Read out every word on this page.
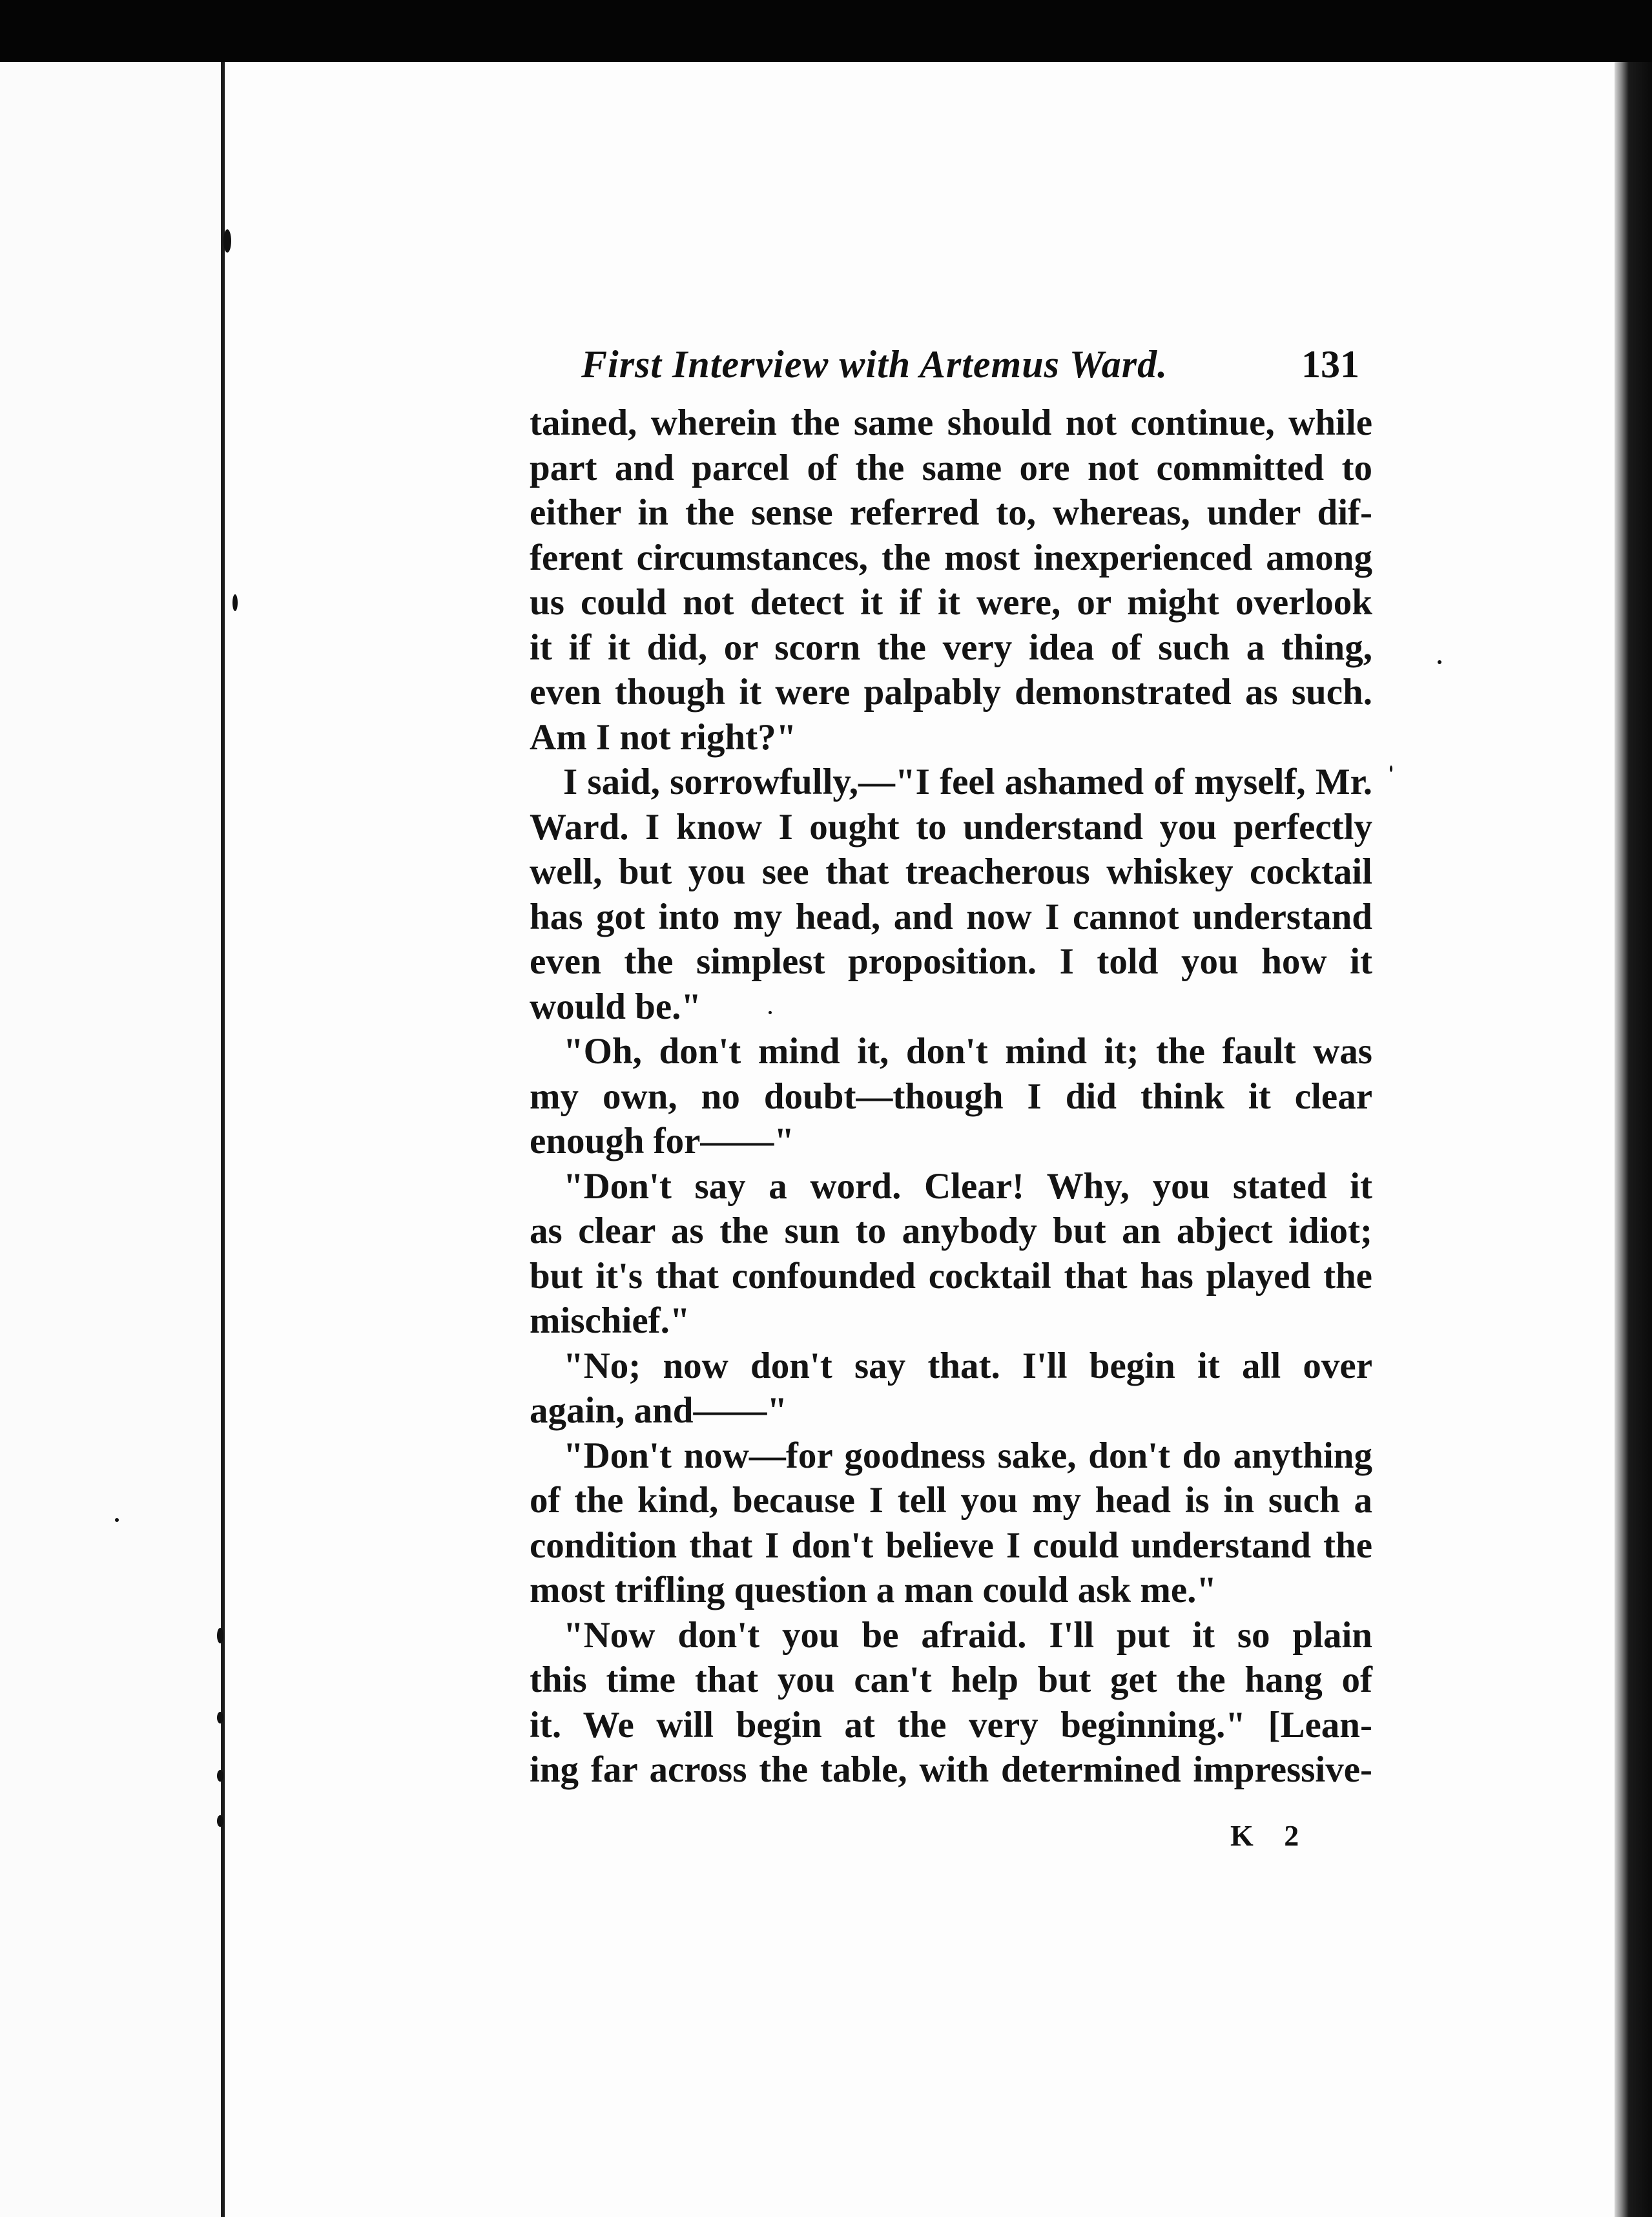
First Interview with Artemus Ward.	131
tained, wherein the same should not continue, while
part and parcel of the same ore not committed to
either in the sense referred to, whereas, under dif-
ferent circumstances, the most inexperienced among
us could not detect it if it were, or might overlook
it if it did, or scorn the very idea of such a thing,
even though it were palpably demonstrated as such.
Am I not right?"
I said, sorrowfully,—"I feel ashamed of myself, Mr.
Ward. I know I ought to understand you perfectly
well, but you see that treacherous whiskey cocktail
has got into my head, and now I cannot understand
even the simplest proposition. I told you how it
would be."
"Oh, don't mind it, don't mind it; the fault was
my own, no doubt—though I did think it clear
enough for——"
"Don't say a word. Clear! Why, you stated it
as clear as the sun to anybody but an abject idiot;
but it's that confounded cocktail that has played the
mischief."
"No; now don't say that. I'll begin it all over
again, and——"
"Don't now—for goodness sake, don't do anything
of the kind, because I tell you my head is in such a
condition that I don't believe I could understand the
most trifling question a man could ask me."
"Now don't you be afraid. I'll put it so plain
this time that you can't help but get the hang of
it. We will begin at the very beginning." [Lean-
ing far across the table, with determined impressive-
K 2
